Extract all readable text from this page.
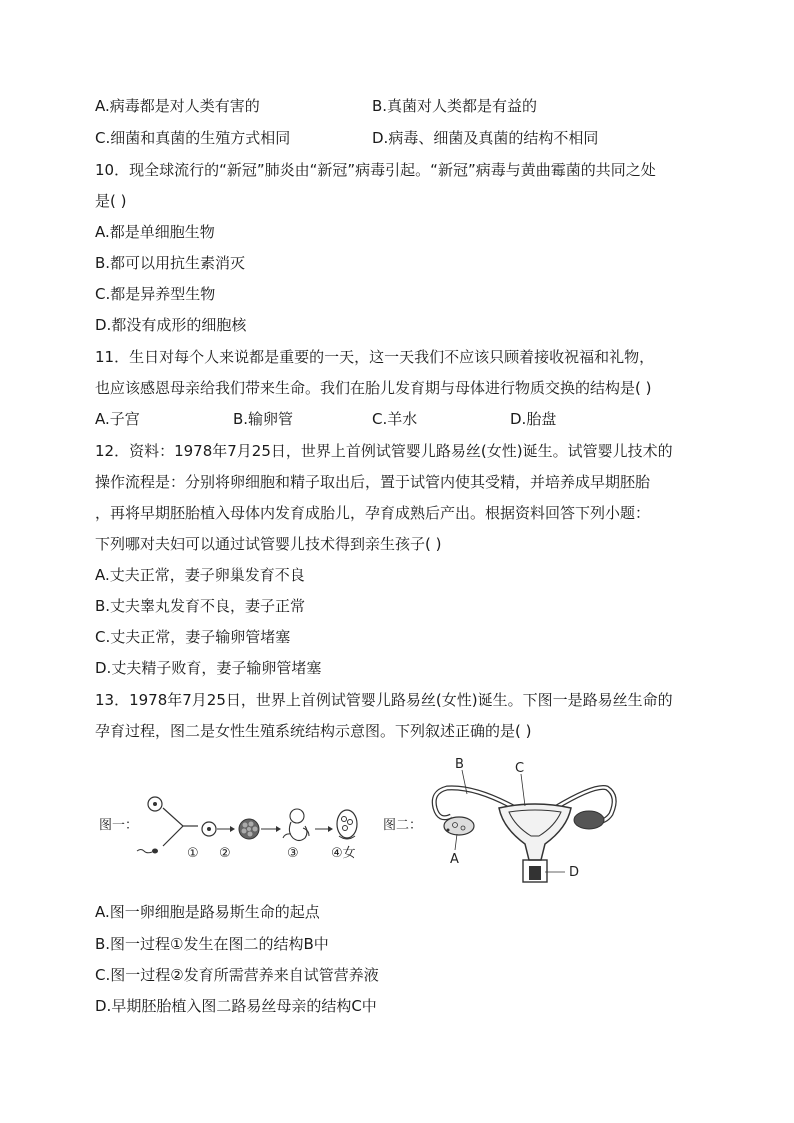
A.病毒都是对人类有害的	B.真菌对人类都是有益的
C.细菌和真菌的生殖方式相同	D.病毒、细菌及真菌的结构不相同
10．现全球流行的“新冠”肺炎由“新冠”病毒引起。“新冠”病毒与黄曲霉菌的共同之处
是( )
A.都是单细胞生物
B.都可以用抗生素消灭
C.都是异养型生物
D.都没有成形的细胞核
11．生日对每个人来说都是重要的一天，这一天我们不应该只顾着接收祝福和礼物，
也应该感恩母亲给我们带来生命。我们在胎儿发育期与母体进行物质交换的结构是( )
A.子宫	B.输卵管	C.羊水	D.胎盘
12．资料：1978年7月25日，世界上首例试管婴儿路易丝(女性)诞生。试管婴儿技术的
操作流程是：分别将卵细胞和精子取出后，置于试管内使其受精，并培养成早期胚胎
，再将早期胚胎植入母体内发育成胎儿，孕育成熟后产出。根据资料回答下列小题：
下列哪对夫妇可以通过试管婴儿技术得到亲生孩子( )
A.丈夫正常，妻子卵巢发育不良
B.丈夫睾丸发育不良，妻子正常
C.丈夫正常，妻子输卵管堵塞
D.丈夫精子败育，妻子输卵管堵塞
13．1978年7月25日，世界上首例试管婴儿路易丝(女性)诞生。下图一是路易丝生命的
孕育过程，图二是女性生殖系统结构示意图。下列叙述正确的是( )
图一：
① ②	③ ④女
图二：
B	C
A
D
A.图一卵细胞是路易斯生命的起点
B.图一过程①发生在图二的结构B中
C.图一过程②发育所需营养来自试管营养液
D.早期胚胎植入图二路易丝母亲的结构C中
